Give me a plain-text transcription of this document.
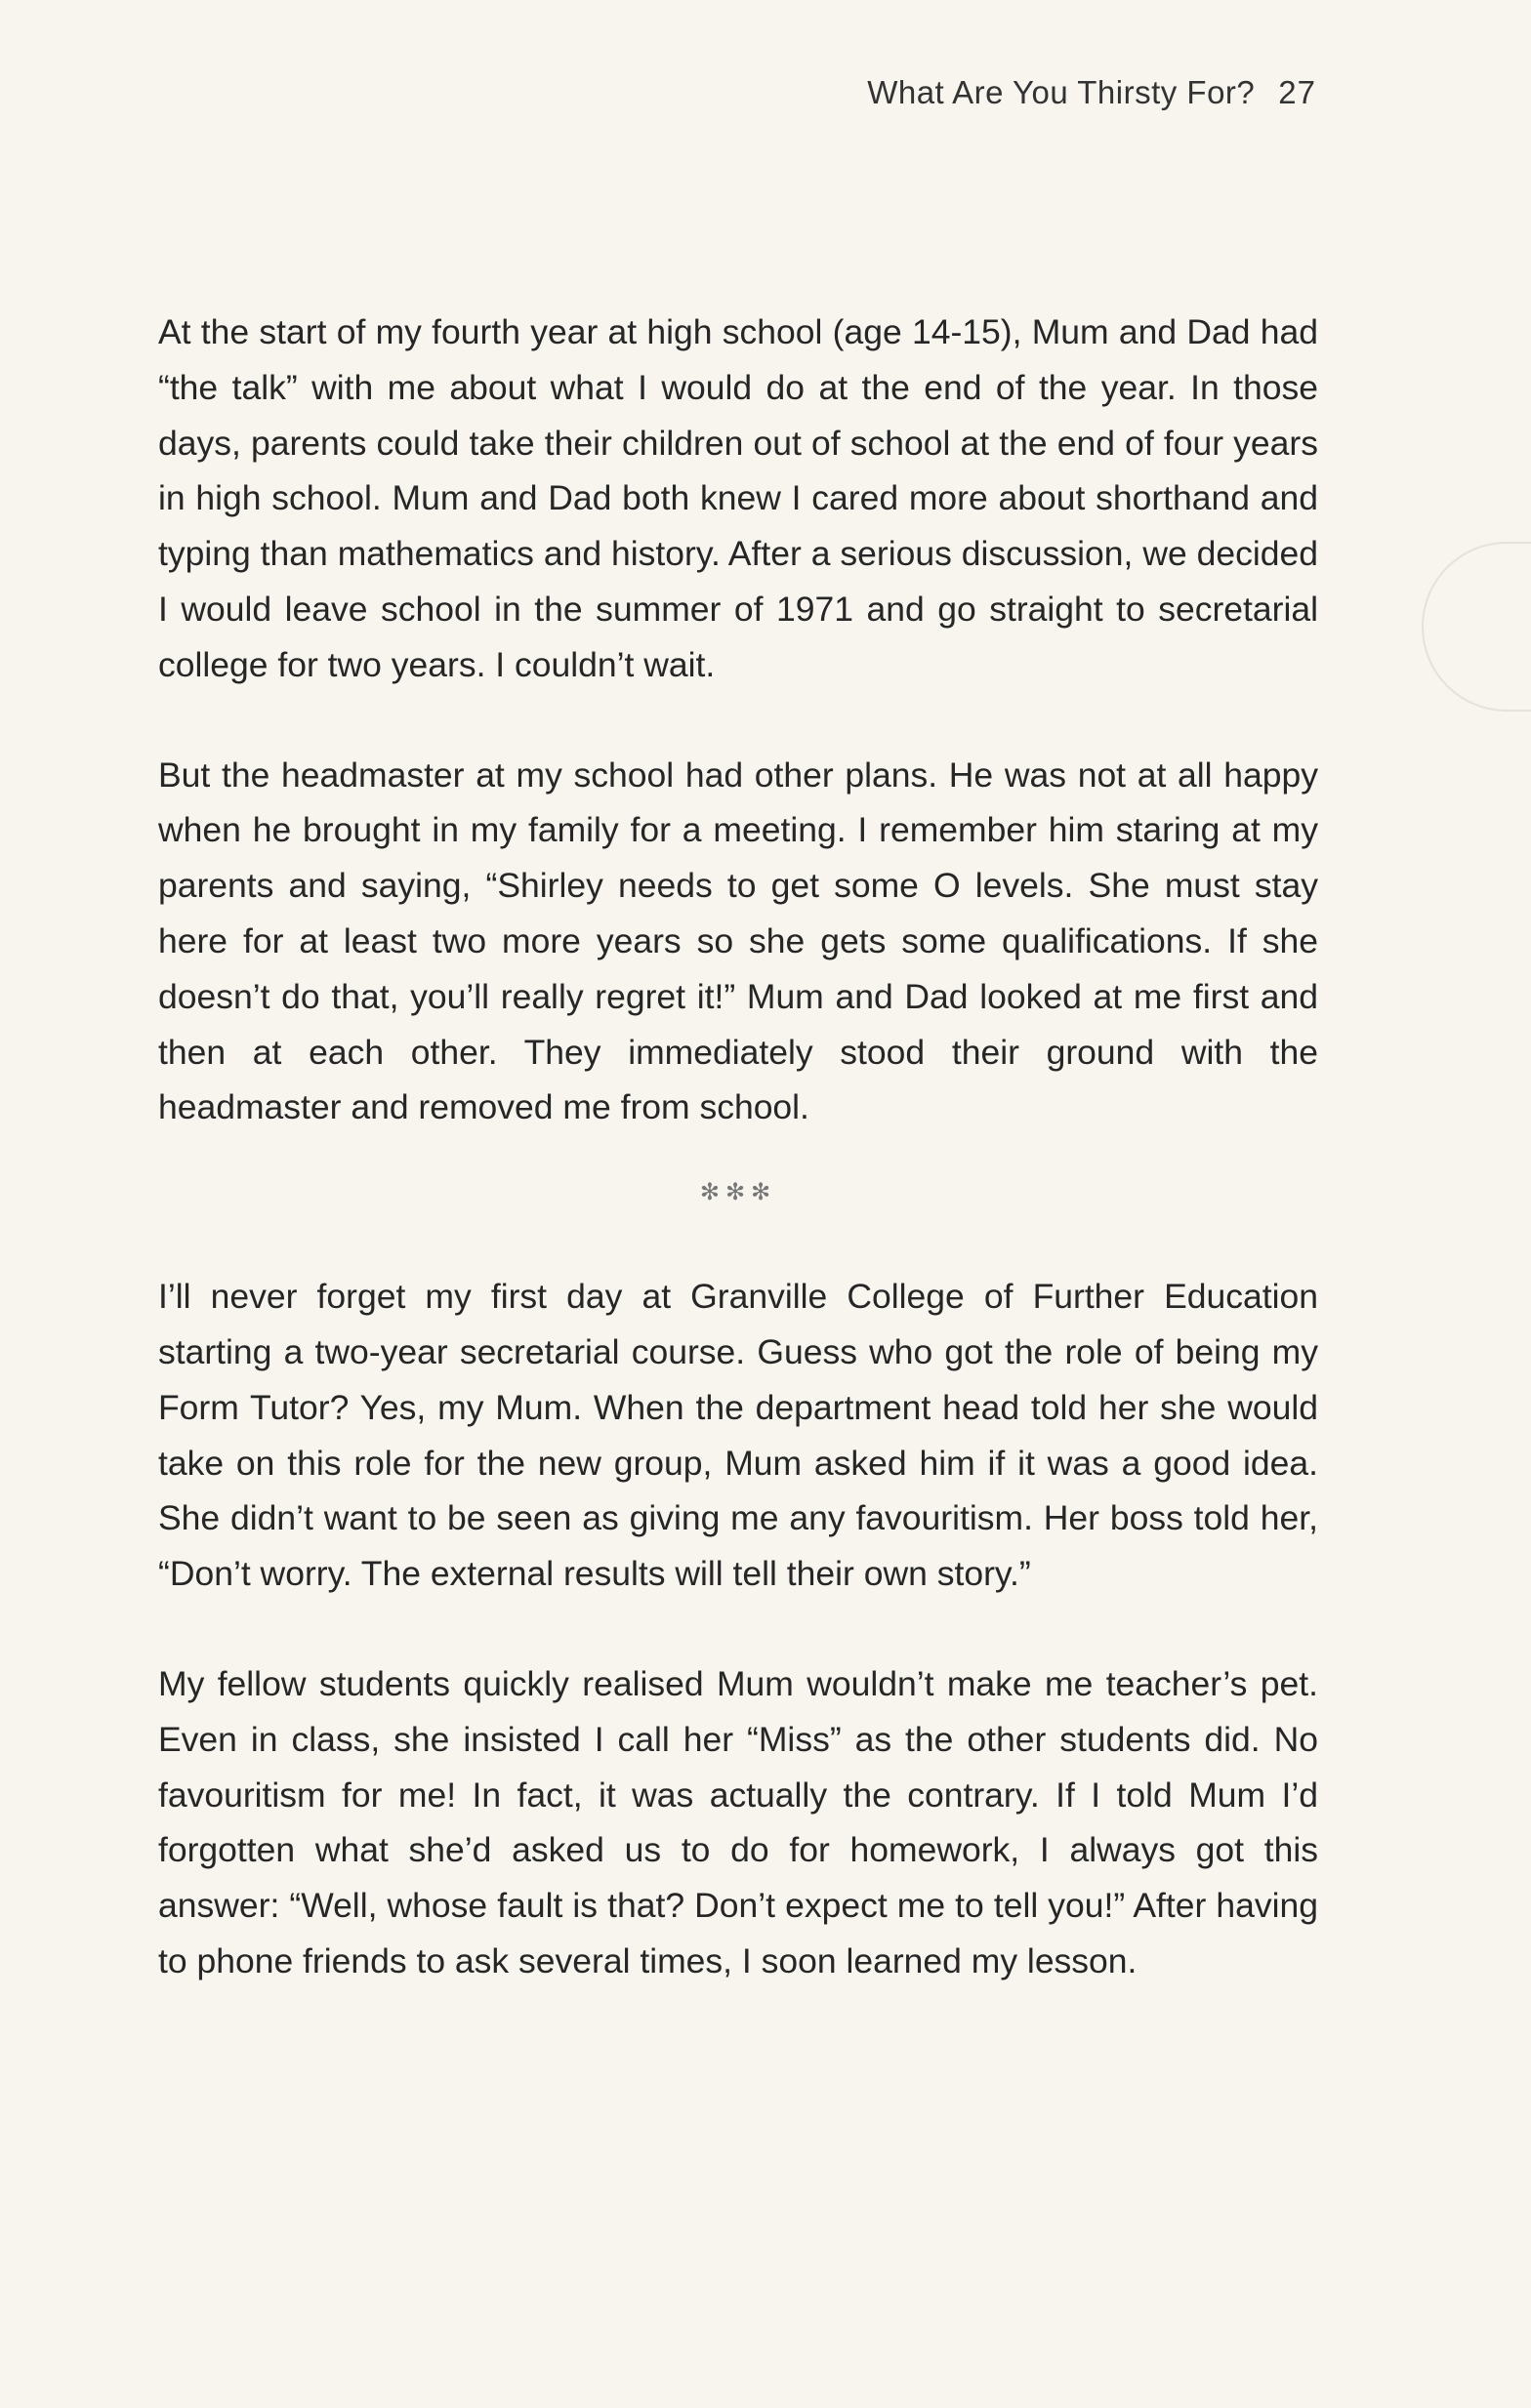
What Are You Thirsty For? 27

At the start of my fourth year at high school (age 14-15), Mum and Dad had “the talk” with me about what I would do at the end of the year. In those days, parents could take their children out of school at the end of four years in high school. Mum and Dad both knew I cared more about shorthand and typing than mathematics and history. After a serious discussion, we decided I would leave school in the summer of 1971 and go straight to secretarial college for two years. I couldn’t wait.

But the headmaster at my school had other plans. He was not at all happy when he brought in my family for a meeting. I remember him staring at my parents and saying, “Shirley needs to get some O levels. She must stay here for at least two more years so she gets some qualifications. If she doesn’t do that, you’ll really regret it!” Mum and Dad looked at me first and then at each other. They immediately stood their ground with the headmaster and removed me from school.

✻✻✻

I’ll never forget my first day at Granville College of Further Education starting a two-year secretarial course. Guess who got the role of being my Form Tutor? Yes, my Mum. When the department head told her she would take on this role for the new group, Mum asked him if it was a good idea. She didn’t want to be seen as giving me any favouritism. Her boss told her, “Don’t worry. The external results will tell their own story.”

My fellow students quickly realised Mum wouldn’t make me teacher’s pet. Even in class, she insisted I call her “Miss” as the other students did. No favouritism for me! In fact, it was actually the contrary. If I told Mum I’d forgotten what she’d asked us to do for homework, I always got this answer: “Well, whose fault is that? Don’t expect me to tell you!” After having to phone friends to ask several times, I soon learned my lesson.
